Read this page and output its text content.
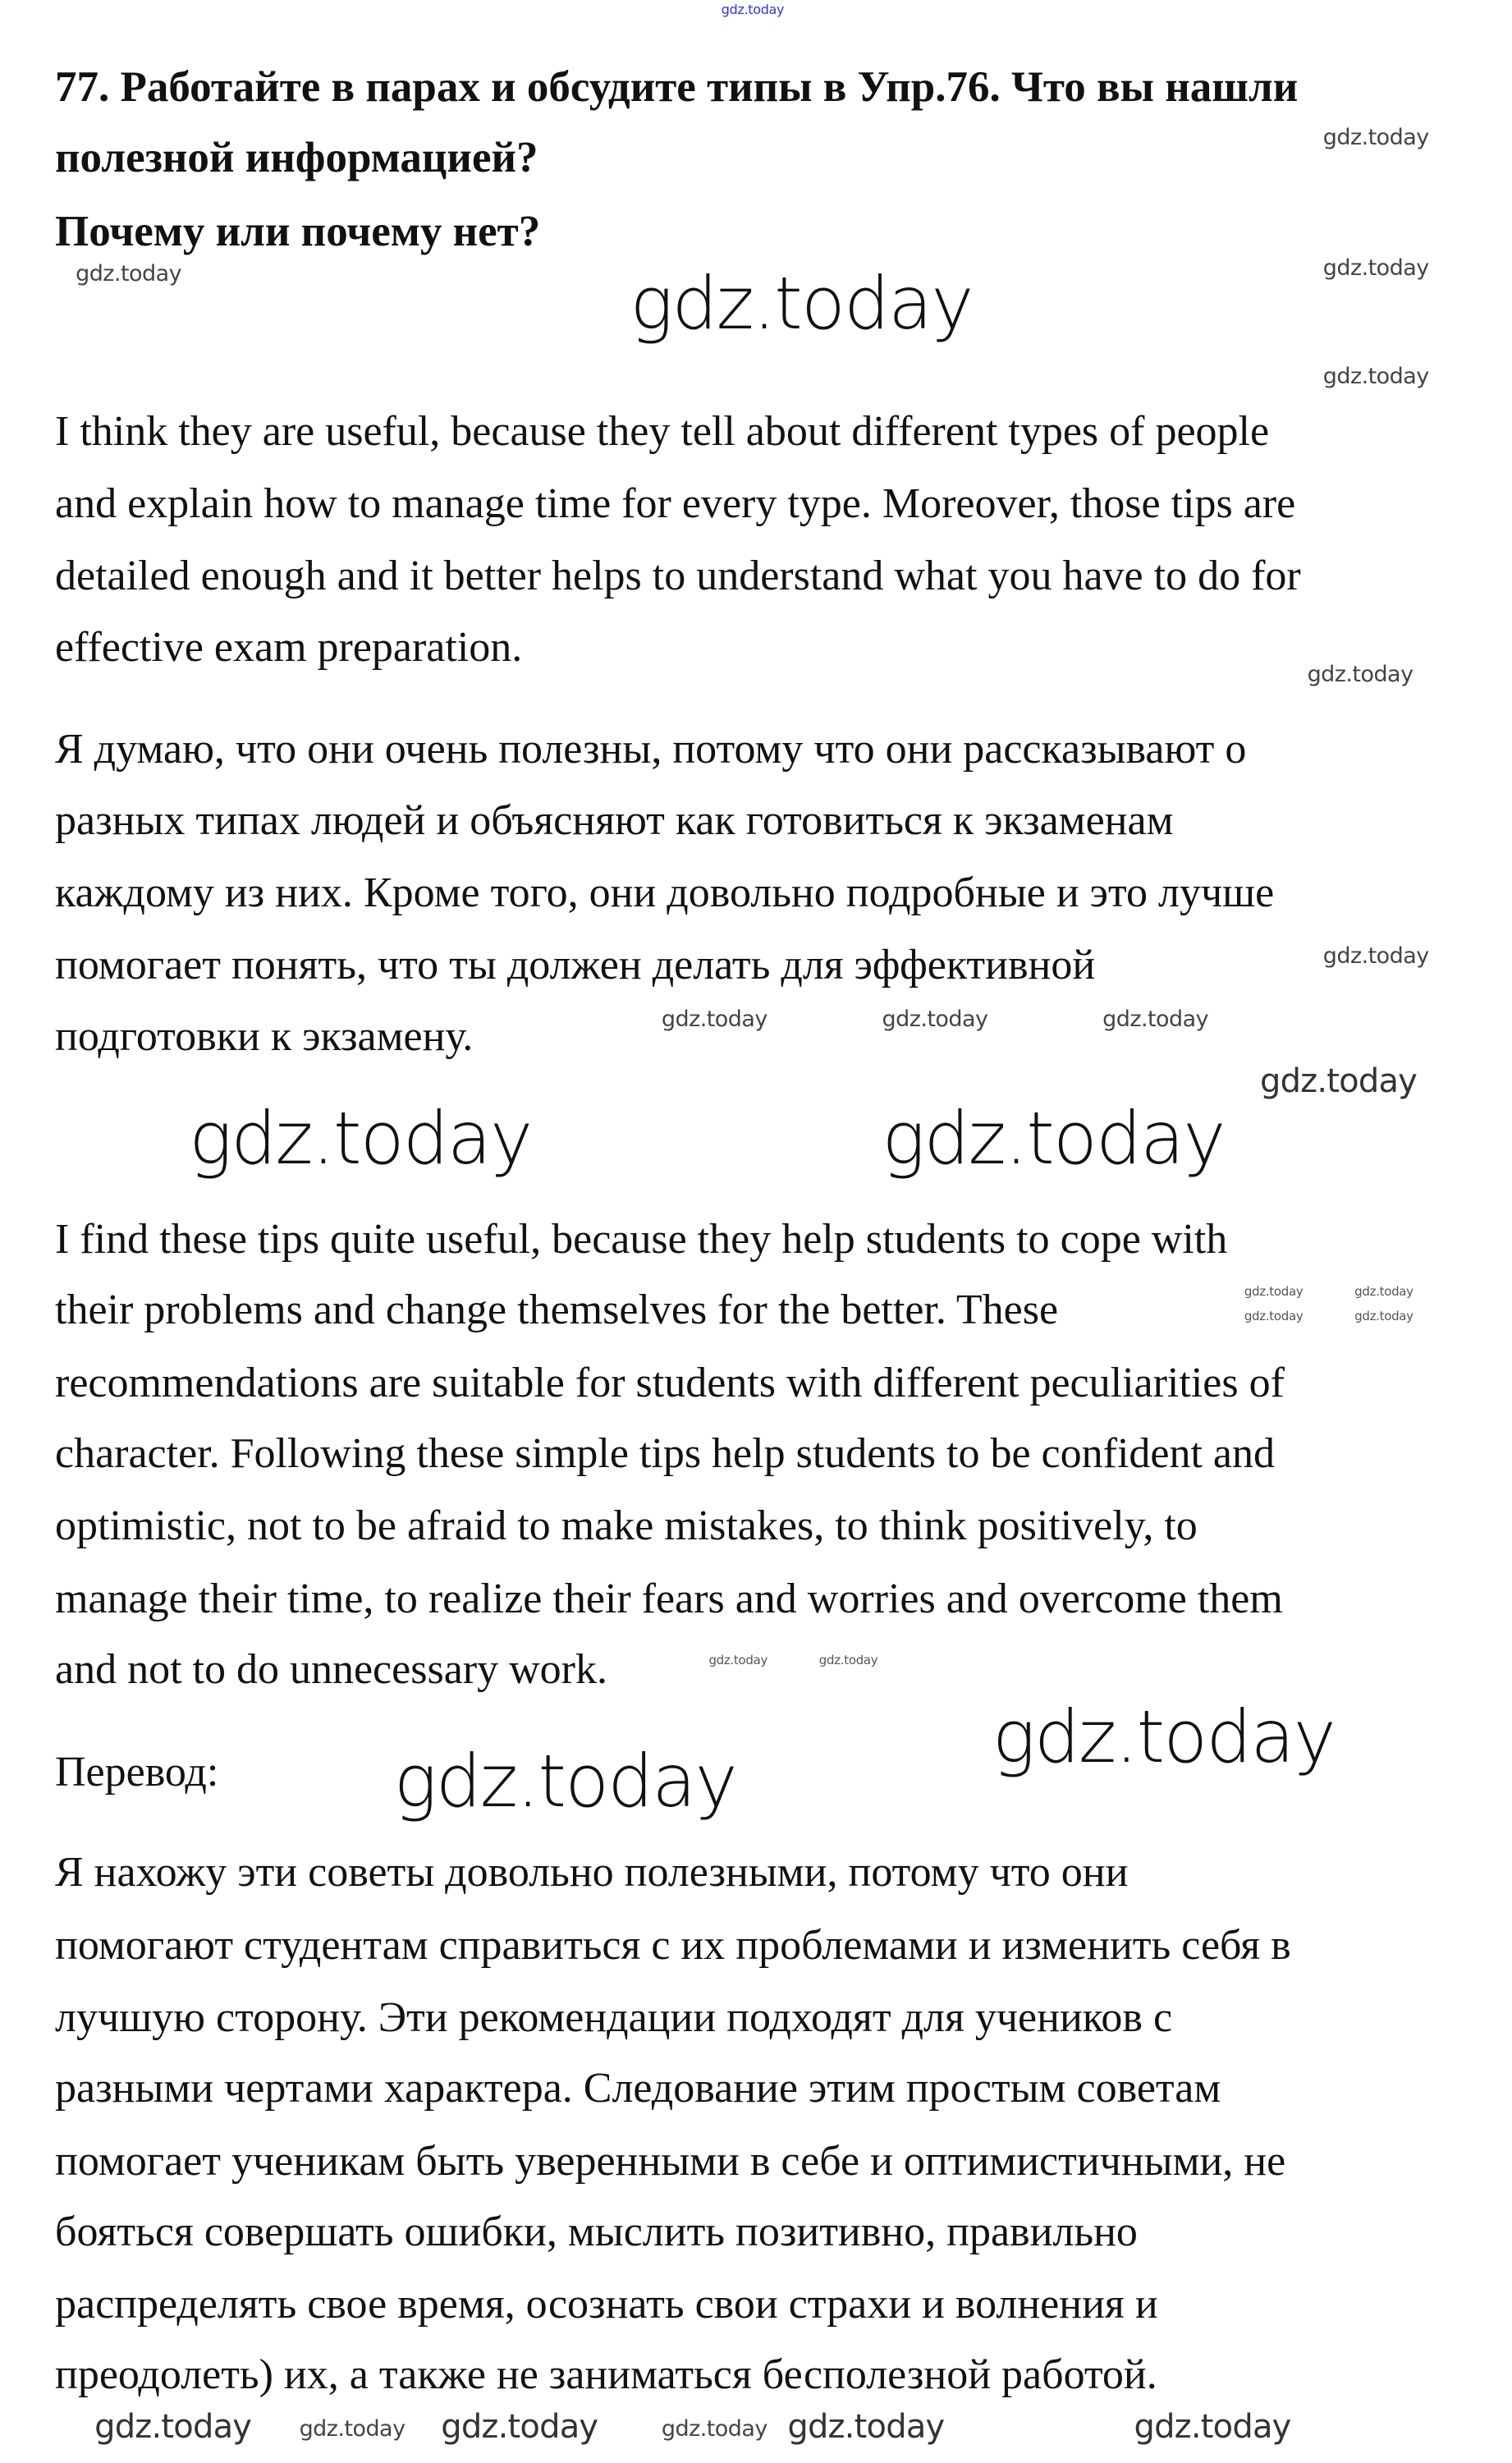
77. Работайте в парах и обсудите типы в Упр.76. Что вы нашли
полезной информацией?
Почему или почему нет?
I think they are useful, because they tell about different types of people
and explain how to manage time for every type. Moreover, those tips are
detailed enough and it better helps to understand what you have to do for
effective exam preparation.
Я думаю, что они очень полезны, потому что они рассказывают о
разных типах людей и объясняют как готовиться к экзаменам
каждому из них. Кроме того, они довольно подробные и это лучше
помогает понять, что ты должен делать для эффективной
подготовки к экзамену.
I find these tips quite useful, because they help students to cope with
their problems and change themselves for the better. These
recommendations are suitable for students with different peculiarities of
character. Following these simple tips help students to be confident and
optimistic, not to be afraid to make mistakes, to think positively, to
manage their time, to realize their fears and worries and overcome them
and not to do unnecessary work.
Перевод:
Я нахожу эти советы довольно полезными, потому что они
помогают студентам справиться с их проблемами и изменить себя в
лучшую сторону. Эти рекомендации подходят для учеников с
разными чертами характера. Следование этим простым советам
помогает ученикам быть уверенными в себе и оптимистичными, не
бояться совершать ошибки, мыслить позитивно, правильно
распределять свое время, осознать свои страхи и волнения и
преодолеть) их, а также не заниматься бесполезной работой.
gdz.today
gdz.today
gdz.today	gdz.today
gdz.today
gdz.today	gdz.today
gdz.today
gdz.today
gdz.today
gdz.today
gdz.today
gdz.today
gdz.today
gdz.today
gdz.today
gdz.today	gdz.today	gdz.today	gdz.today
gdz.today
gdz.today
gdz.today
gdz.today
gdz.today	gdz.today
gdz.today	gdz.today
